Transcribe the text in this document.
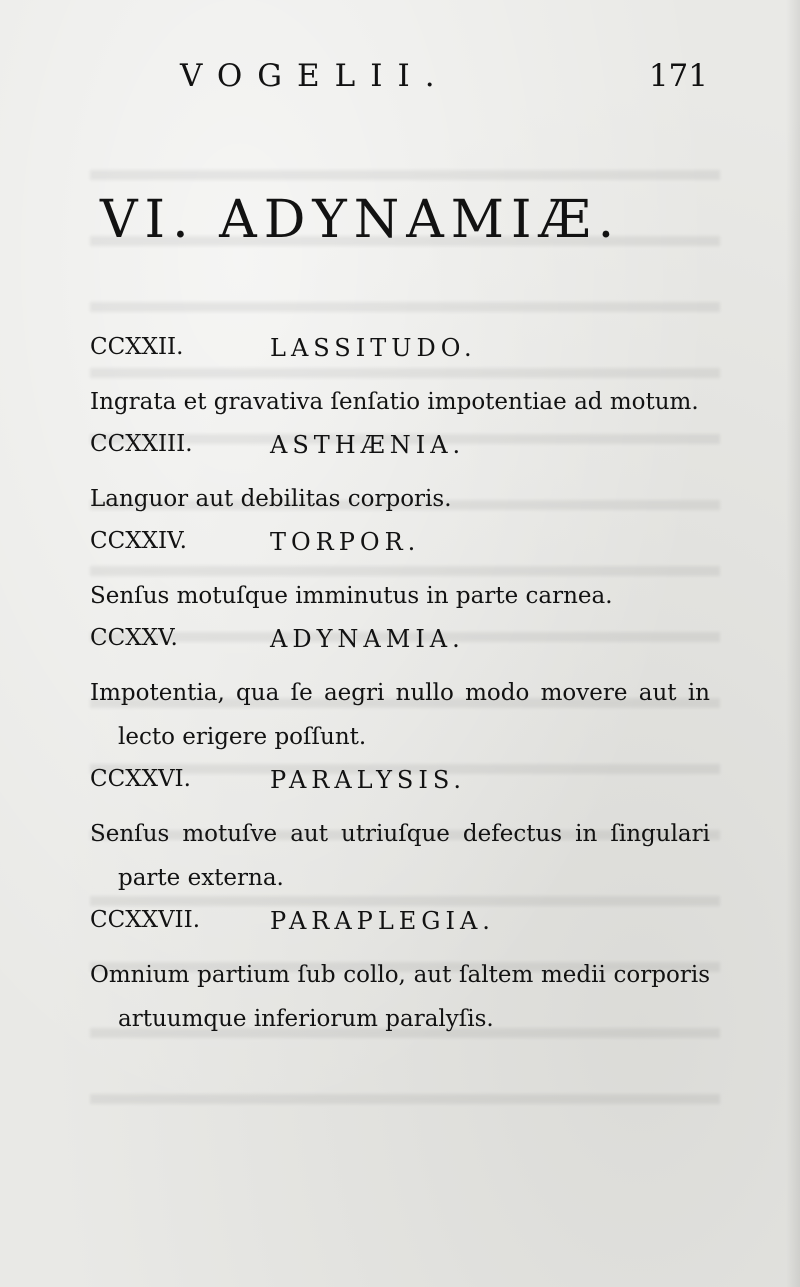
VOGELII.	171
VI. ADYNAMIÆ.
CCXXII.	LASSITUDO.

Ingrata et gravativa ſenſatio impotentiae ad motum.

CCXXIII.	ASTHÆNIA.

Languor aut debilitas corporis.

CCXXIV.	TORPOR.

Senſus motuſque imminutus in parte carnea.

CCXXV.	ADYNAMIA.

Impotentia, qua ſe aegri nullo modo movere aut in lecto erigere poſſunt.

CCXXVI.	PARALYSIS.

Senſus motuſve aut utriuſque defectus in ſingulari parte externa.

CCXXVII.	PARAPLEGIA.

Omnium partium ſub collo, aut ſaltem medii corporis artuumque inferiorum paralyſis.
